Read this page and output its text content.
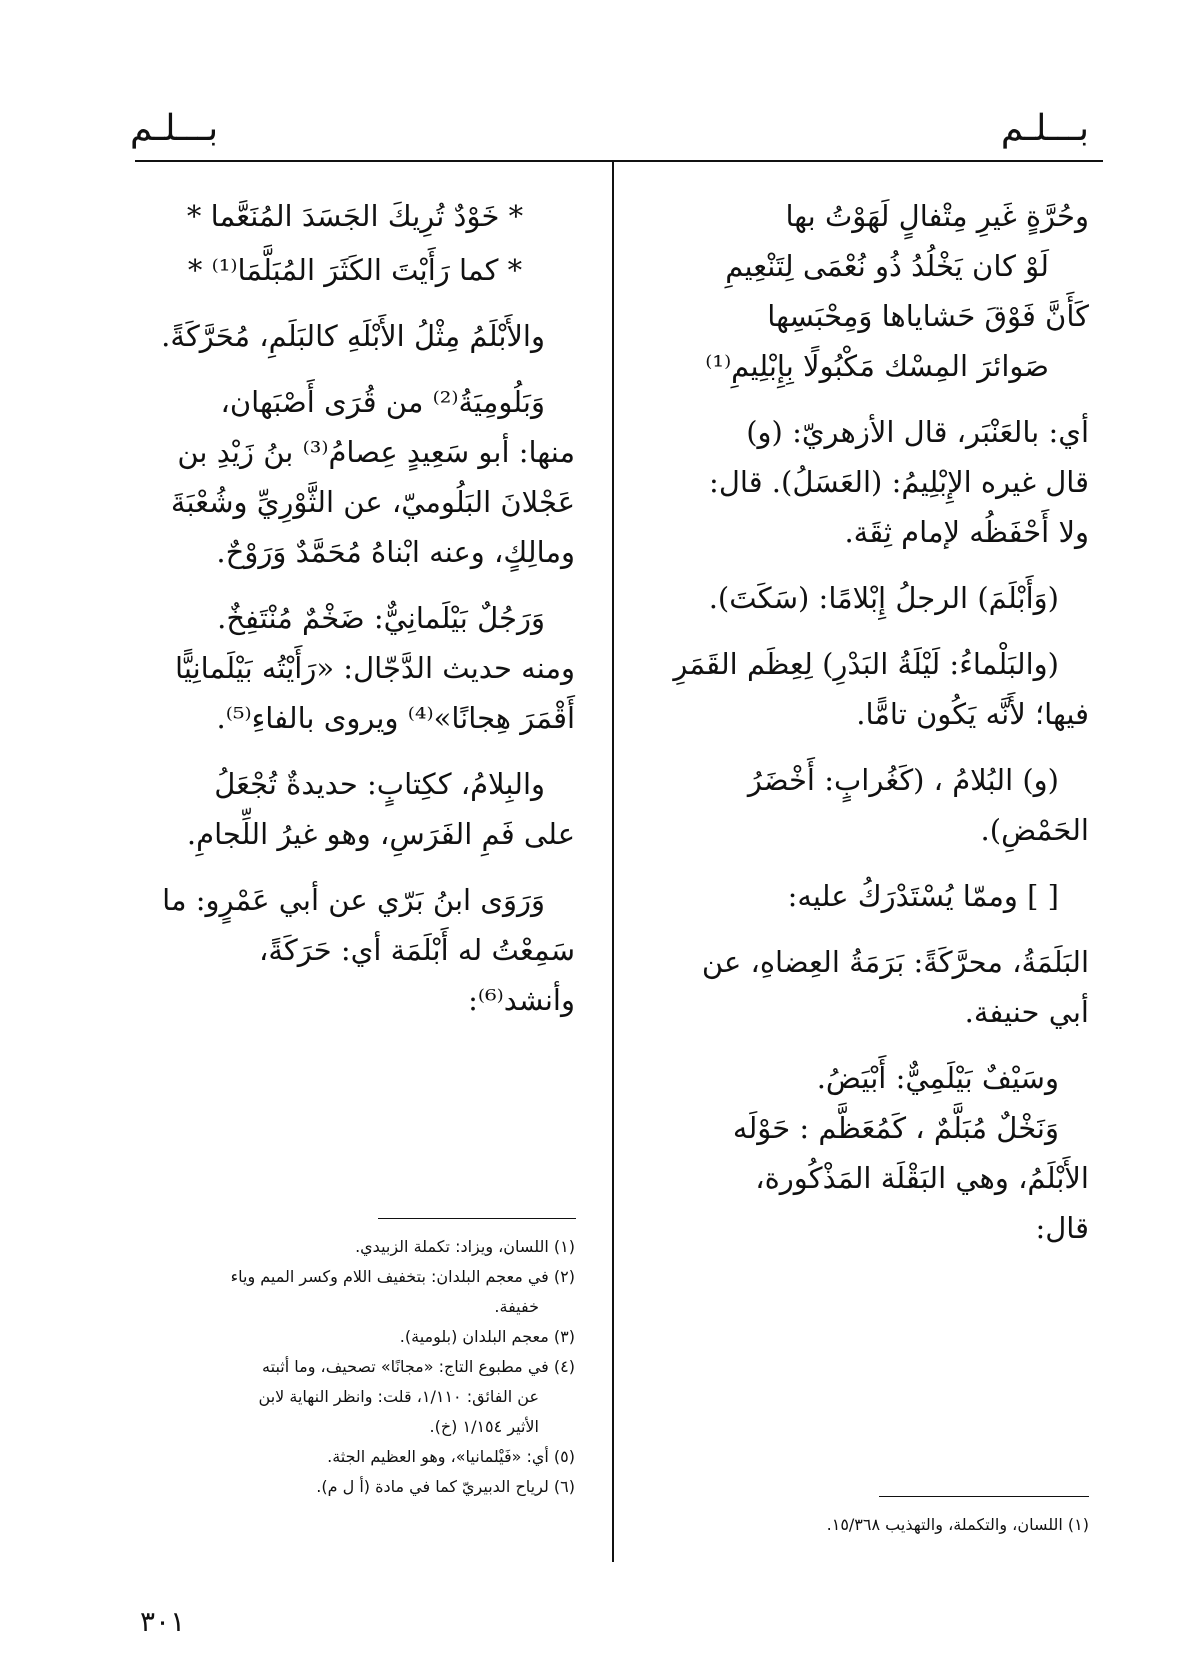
بـــلـم
بـــلـم
وحُرَّةٍ غَيرِ مِتْفالٍ لَهَوْتُ بها
لَوْ كان يَخْلُدُ ذُو نُعْمَى لِتَنْعِيمِ
كَأَنَّ فَوْقَ حَشاياها وَمِحْبَسِها
صَوائرَ المِسْك مَكْبُولًا بِإِبْلِيمِ⁽¹⁾
أي: بالعَنْبَر، قال الأزهريّ: (و)
قال غيره الإِبْلِيمُ: (العَسَلُ). قال:
ولا أَحْفَظُه لإمام ثِقَة.
(وَأَبْلَمَ) الرجلُ إِبْلامًا: (سَكَتَ).
(والبَلْماءُ: لَيْلَةُ البَدْرِ) لِعِظَم القَمَرِ
فيها؛ لأَنَّه يَكُون تامًّا.
(و) البُلامُ ، (كَغُرابٍ: أَخْضَرُ
الحَمْضِ).
[ ] وممّا يُسْتَدْرَكُ عليه:
البَلَمَةُ، محرَّكَةً: بَرَمَةُ العِضاهِ، عن
أبي حنيفة.
وسَيْفٌ بَيْلَمِيٌّ: أَبْيَضُ.
وَنَخْلٌ مُبَلَّمٌ ، كَمُعَظَّم : حَوْلَه
الأَبْلَمُ، وهي البَقْلَة المَذْكُورة،
قال:
* خَوْدٌ تُرِيكَ الجَسَدَ المُنَعَّما *
* كما رَأَيْتَ الكَثَرَ المُبَلَّمَا⁽¹⁾ *
والأَبْلَمُ مِثْلُ الأَبْلَهِ كالبَلَمِ، مُحَرَّكَةً.
وَبَلُومِيَةُ⁽²⁾ من قُرَى أَصْبَهان،
منها: أبو سَعِيدٍ عِصامُ⁽³⁾ بنُ زَيْدِ بن
عَجْلانَ البَلُوميّ، عن الثَّوْرِيِّ وشُعْبَةَ
ومالِكٍ، وعنه ابْناهُ مُحَمَّدٌ وَرَوْحٌ.
وَرَجُلٌ بَيْلَمانِيٌّ: ضَخْمٌ مُنْتَفِخٌ.
ومنه حديث الدَّجّال: «رَأَيْتُه بَيْلَمانِيًّا
أَقْمَرَ هِجانًا»⁽⁴⁾ ويروى بالفاءِ⁽⁵⁾.
والبِلامُ، ككِتابٍ: حديدةٌ تُجْعَلُ
على فَمِ الفَرَسِ، وهو غيرُ اللِّجامِ.
وَرَوَى ابنُ بَرّي عن أبي عَمْرٍو: ما
سَمِعْتُ له أَبْلَمَة أي: حَرَكَةً،
وأنشد⁽⁶⁾:
(١) اللسان، ويزاد: تكملة الزبيدي.
(٢) في معجم البلدان: بتخفيف اللام وكسر الميم وياء
خفيفة.
(٣) معجم البلدان (بلومية).
(٤) في مطبوع التاج: «مجانًا» تصحيف، وما أثبته
عن الفائق: ١/١١٠، قلت: وانظر النهاية لابن
الأثير ١/١٥٤ (خ).
(٥) أي: «فَيْلمانيا»، وهو العظيم الجثة.
(٦) لرياح الدبيريّ كما في مادة (أ ل م).
(١) اللسان، والتكملة، والتهذيب ١٥/٣٦٨.
٣٠١
